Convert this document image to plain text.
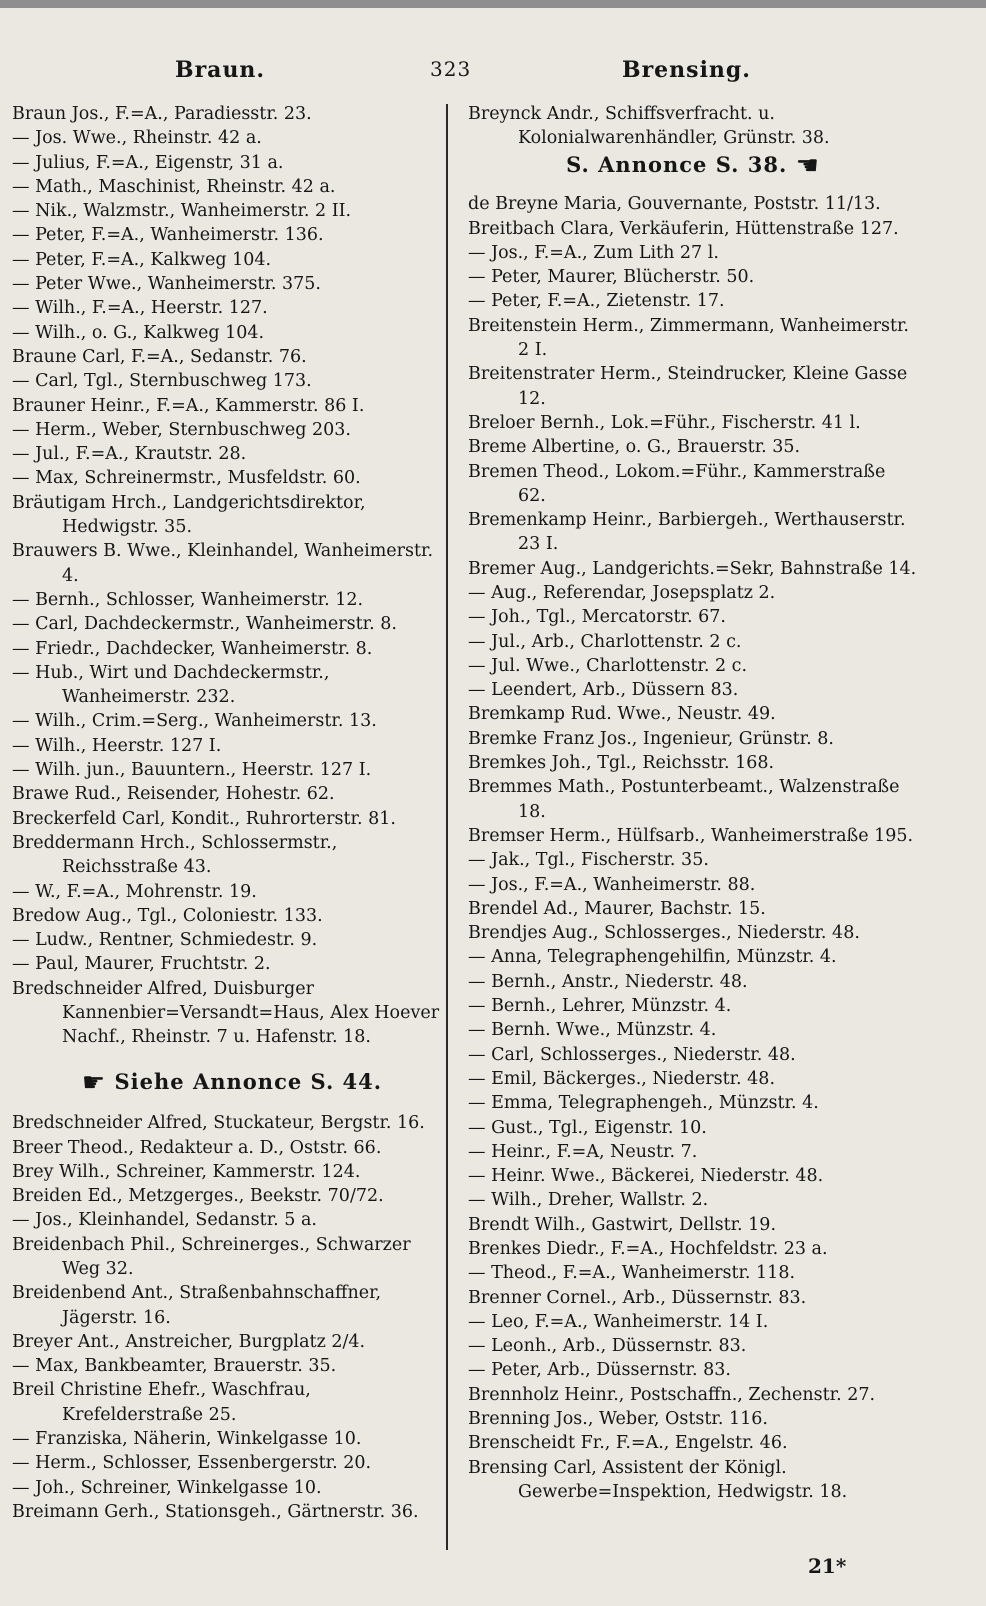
Braun.	323	Brensing.
Braun Jos., F.=A., Paradiesstr. 23.
— Jos. Wwe., Rheinstr. 42 a.
— Julius, F.=A., Eigenstr, 31 a.
— Math., Maschinist, Rheinstr. 42 a.
— Nik., Walzmstr., Wanheimerstr. 2 II.
— Peter, F.=A., Wanheimerstr. 136.
— Peter, F.=A., Kalkweg 104.
— Peter Wwe., Wanheimerstr. 375.
— Wilh., F.=A., Heerstr. 127.
— Wilh., o. G., Kalkweg 104.
Braune Carl, F.=A., Sedanstr. 76.
— Carl, Tgl., Sternbuschweg 173.
Brauner Heinr., F.=A., Kammerstr. 86 I.
— Herm., Weber, Sternbuschweg 203.
— Jul., F.=A., Krautstr. 28.
— Max, Schreinermstr., Musfeldstr. 60.
Bräutigam Hrch., Landgerichtsdirektor, Hedwigstr. 35.
Brauwers B. Wwe., Kleinhandel, Wanheimerstr. 4.
— Bernh., Schlosser, Wanheimerstr. 12.
— Carl, Dachdeckermstr., Wanheimerstr. 8.
— Friedr., Dachdecker, Wanheimerstr. 8.
— Hub., Wirt und Dachdeckermstr., Wanheimerstr. 232.
— Wilh., Crim.=Serg., Wanheimerstr. 13.
— Wilh., Heerstr. 127 I.
— Wilh. jun., Bauuntern., Heerstr. 127 I.
Brawe Rud., Reisender, Hohestr. 62.
Breckerfeld Carl, Kondit., Ruhrorterstr. 81.
Breddermann Hrch., Schlossermstr., Reichsstraße 43.
— W., F.=A., Mohrenstr. 19.
Bredow Aug., Tgl., Coloniestr. 133.
— Ludw., Rentner, Schmiedestr. 9.
— Paul, Maurer, Fruchtstr. 2.
Bredschneider Alfred, Duisburger Kannenbier=Versandt=Haus, Alex Hoever Nachf., Rheinstr. 7 u. Hafenstr. 18.
☛ Siehe Annonce S. 44.
Bredschneider Alfred, Stuckateur, Bergstr. 16.
Breer Theod., Redakteur a. D., Oststr. 66.
Brey Wilh., Schreiner, Kammerstr. 124.
Breiden Ed., Metzgerges., Beekstr. 70/72.
— Jos., Kleinhandel, Sedanstr. 5 a.
Breidenbach Phil., Schreinerges., Schwarzer Weg 32.
Breidenbend Ant., Straßenbahnschaffner, Jägerstr. 16.
Breyer Ant., Anstreicher, Burgplatz 2/4.
— Max, Bankbeamter, Brauerstr. 35.
Breil Christine Ehefr., Waschfrau, Krefelderstraße 25.
— Franziska, Näherin, Winkelgasse 10.
— Herm., Schlosser, Essenbergerstr. 20.
— Joh., Schreiner, Winkelgasse 10.
Breimann Gerh., Stationsgeh., Gärtnerstr. 36.
Breynck Andr., Schiffsverfracht. u. Kolonialwarenhändler, Grünstr. 38.
S. Annonce S. 38. ☚
de Breyne Maria, Gouvernante, Poststr. 11/13.
Breitbach Clara, Verkäuferin, Hüttenstraße 127.
— Jos., F.=A., Zum Lith 27 l.
— Peter, Maurer, Blücherstr. 50.
— Peter, F.=A., Zietenstr. 17.
Breitenstein Herm., Zimmermann, Wanheimerstr. 2 I.
Breitenstrater Herm., Steindrucker, Kleine Gasse 12.
Breloer Bernh., Lok.=Führ., Fischerstr. 41 l.
Breme Albertine, o. G., Brauerstr. 35.
Bremen Theod., Lokom.=Führ., Kammerstraße 62.
Bremenkamp Heinr., Barbiergeh., Werthauserstr. 23 I.
Bremer Aug., Landgerichts.=Sekr, Bahnstraße 14.
— Aug., Referendar, Josepsplatz 2.
— Joh., Tgl., Mercatorstr. 67.
— Jul., Arb., Charlottenstr. 2 c.
— Jul. Wwe., Charlottenstr. 2 c.
— Leendert, Arb., Düssern 83.
Bremkamp Rud. Wwe., Neustr. 49.
Bremke Franz Jos., Ingenieur, Grünstr. 8.
Bremkes Joh., Tgl., Reichsstr. 168.
Bremmes Math., Postunterbeamt., Walzenstraße 18.
Bremser Herm., Hülfsarb., Wanheimerstraße 195.
— Jak., Tgl., Fischerstr. 35.
— Jos., F.=A., Wanheimerstr. 88.
Brendel Ad., Maurer, Bachstr. 15.
Brendjes Aug., Schlosserges., Niederstr. 48.
— Anna, Telegraphengehilfin, Münzstr. 4.
— Bernh., Anstr., Niederstr. 48.
— Bernh., Lehrer, Münzstr. 4.
— Bernh. Wwe., Münzstr. 4.
— Carl, Schlosserges., Niederstr. 48.
— Emil, Bäckerges., Niederstr. 48.
— Emma, Telegraphengeh., Münzstr. 4.
— Gust., Tgl., Eigenstr. 10.
— Heinr., F.=A, Neustr. 7.
— Heinr. Wwe., Bäckerei, Niederstr. 48.
— Wilh., Dreher, Wallstr. 2.
Brendt Wilh., Gastwirt, Dellstr. 19.
Brenkes Diedr., F.=A., Hochfeldstr. 23 a.
— Theod., F.=A., Wanheimerstr. 118.
Brenner Cornel., Arb., Düssernstr. 83.
— Leo, F.=A., Wanheimerstr. 14 I.
— Leonh., Arb., Düssernstr. 83.
— Peter, Arb., Düssernstr. 83.
Brennholz Heinr., Postschaffn., Zechenstr. 27.
Brenning Jos., Weber, Oststr. 116.
Brenscheidt Fr., F.=A., Engelstr. 46.
Brensing Carl, Assistent der Königl. Gewerbe=Inspektion, Hedwigstr. 18.
21*
